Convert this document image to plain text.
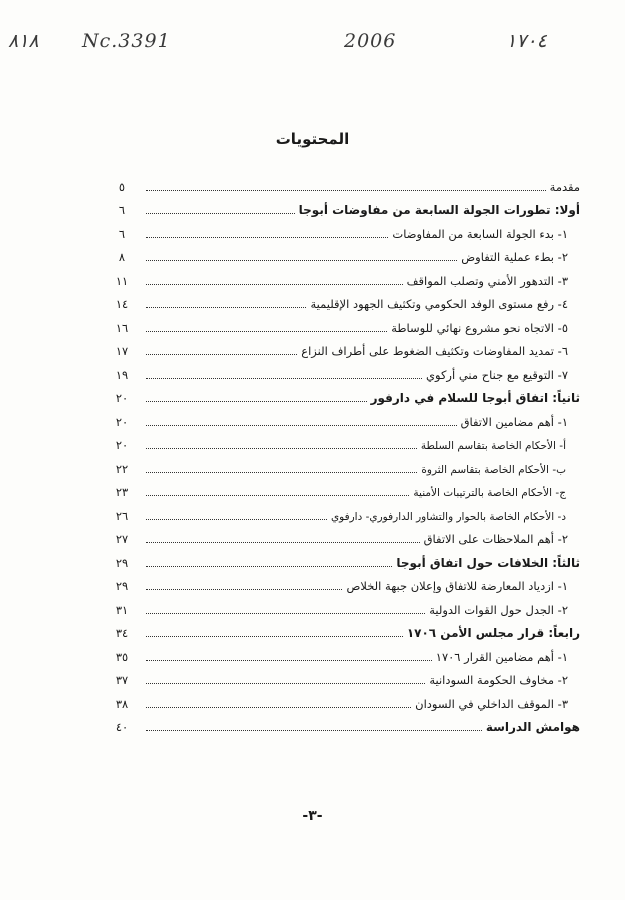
٨١٨ Nc.3391	2006	١٧٠٤
المحتويات
مقدمة
٥
أولا: تطورات الجولة السابعة من مفاوضات أبوجا
٦
١- بدء الجولة السابعة من المفاوضات
٦
٢- بطء عملية التفاوض
٨
٣- التدهور الأمني وتصلب المواقف
١١
٤- رفع مستوى الوفد الحكومي وتكثيف الجهود الإقليمية
١٤
٥- الاتجاه نحو مشروع نهائي للوساطة
١٦
٦- تمديد المفاوضات وتكثيف الضغوط على أطراف النزاع
١٧
٧- التوقيع مع جناح مني أركوي
١٩
ثانياً: اتفاق أبوجا للسلام في دارفور
٢٠
١- أهم مضامين الاتفاق
٢٠
أ- الأحكام الخاصة بتقاسم السلطة
٢٠
ب- الأحكام الخاصة بتقاسم الثروة
٢٢
ج- الأحكام الخاصة بالترتيبات الأمنية
٢٣
د- الأحكام الخاصة بالحوار والتشاور الدارفوري- دارفوي
٢٦
٢- أهم الملاحظات على الاتفاق
٢٧
ثالثاً: الخلافات حول اتفاق أبوجا
٢٩
١- ازدياد المعارضة للاتفاق وإعلان جبهة الخلاص
٢٩
٢- الجدل حول القوات الدولية
٣١
رابعاً: قرار مجلس الأمن ١٧٠٦
٣٤
١- أهم مضامين القرار ١٧٠٦
٣٥
٢- مخاوف الحكومة السودانية
٣٧
٣- الموقف الداخلي في السودان
٣٨
هوامش الدراسة
٤٠
-٣-
